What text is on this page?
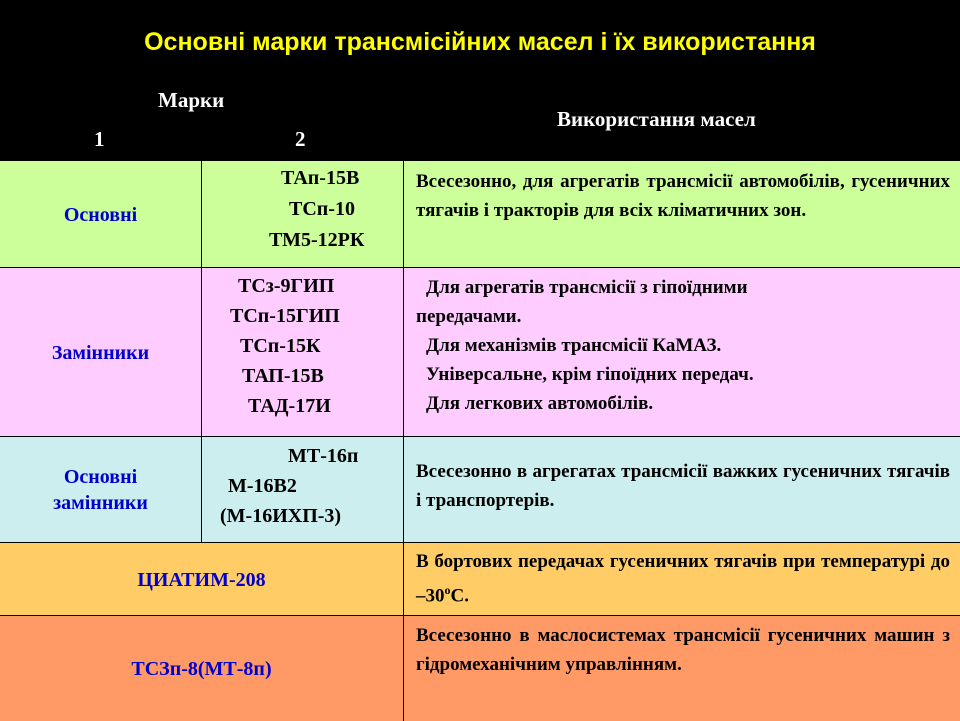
Основні марки трансмісійних масел і їх використання
Марки
1	2
Використання масел
Основні
ТАп-15В
ТСп-10
ТМ5-12РК
Всесезонно, для агрегатів трансмісії автомобілів, гусеничних тягачів і тракторів для всіх кліматичних зон.
Замінники
ТСз-9ГИП
ТСп-15ГИП
ТСп-15К
ТАП-15В
ТАД-17И
Для агрегатів трансмісії з гіпоїдними
передачами.
Для механізмів трансмісії КаМАЗ.
Універсальне, крім гіпоїдних передач.
Для легкових автомобілів.
Основні
замінники
МТ-16п
М-16В2
(М-16ИХП-3)
Всесезонно в агрегатах трансмісії важких гусеничних тягачів і транспортерів.
ЦИАТИМ-208
В бортових передачах гусеничних тягачів при температурі до $-30^оС$.
ТСЗп-8(МТ-8п)
Всесезонно в маслосистемах трансмісії гусеничних машин з гідромеханічним управлінням.
